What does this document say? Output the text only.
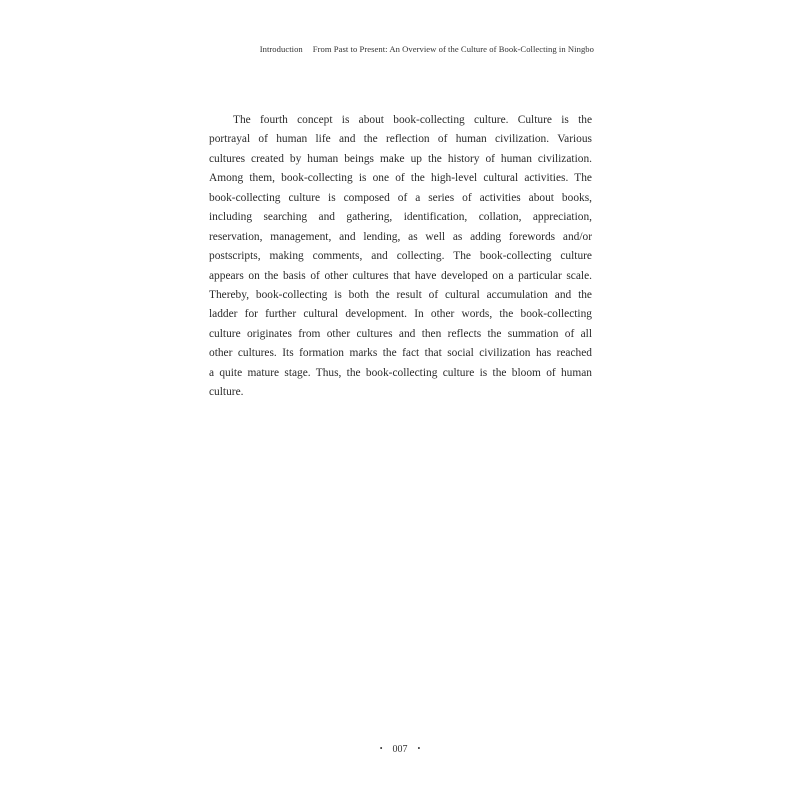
Introduction From Past to Present: An Overview of the Culture of Book-Collecting in Ningbo
The fourth concept is about book-collecting culture. Culture is the
portrayal of human life and the reflection of human civilization. Various
cultures created by human beings make up the history of human civilization.
Among them, book-collecting is one of the high-level cultural activities. The
book-collecting culture is composed of a series of activities about books,
including searching and gathering, identification, collation, appreciation,
reservation, management, and lending, as well as adding forewords and/or
postscripts, making comments, and collecting. The book-collecting culture
appears on the basis of other cultures that have developed on a particular scale.
Thereby, book-collecting is both the result of cultural accumulation and the
ladder for further cultural development. In other words, the book-collecting
culture originates from other cultures and then reflects the summation of all
other cultures. Its formation marks the fact that social civilization has reached
a quite mature stage. Thus, the book-collecting culture is the bloom of human
culture.
• 007 •
